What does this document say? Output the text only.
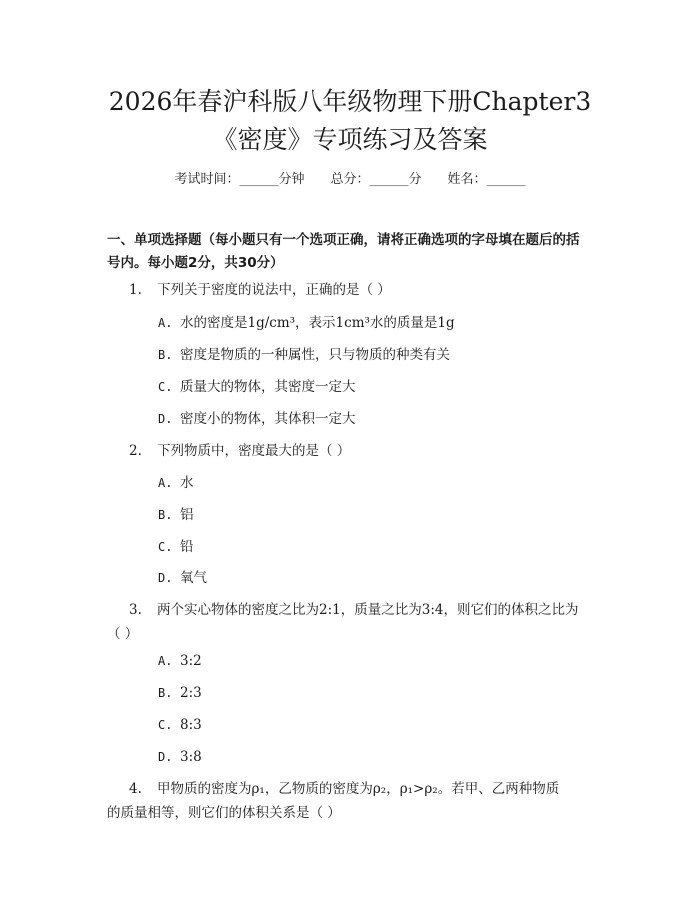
2026年春沪科版八年级物理下册Chapter3
《密度》专项练习及答案
考试时间：______分钟 总分：______分 姓名：______
一、单项选择题（每小题只有一个选项正确，请将正确选项的字母填在题后的括
号内。每小题2分，共30分）
1. 下列关于密度的说法中，正确的是（ ）
A. 水的密度是1g/cm³，表示1cm³水的质量是1g
B. 密度是物质的一种属性，只与物质的种类有关
C. 质量大的物体，其密度一定大
D. 密度小的物体，其体积一定大
2. 下列物质中，密度最大的是（ ）
A. 水
B. 铝
C. 铅
D. 氧气
3. 两个实心物体的密度之比为2:1，质量之比为3:4，则它们的体积之比为
（ ）
A. 3:2
B. 2:3
C. 8:3
D. 3:8
4. 甲物质的密度为ρ₁，乙物质的密度为ρ₂，ρ₁>ρ₂。若甲、乙两种物质
的质量相等，则它们的体积关系是（ ）
